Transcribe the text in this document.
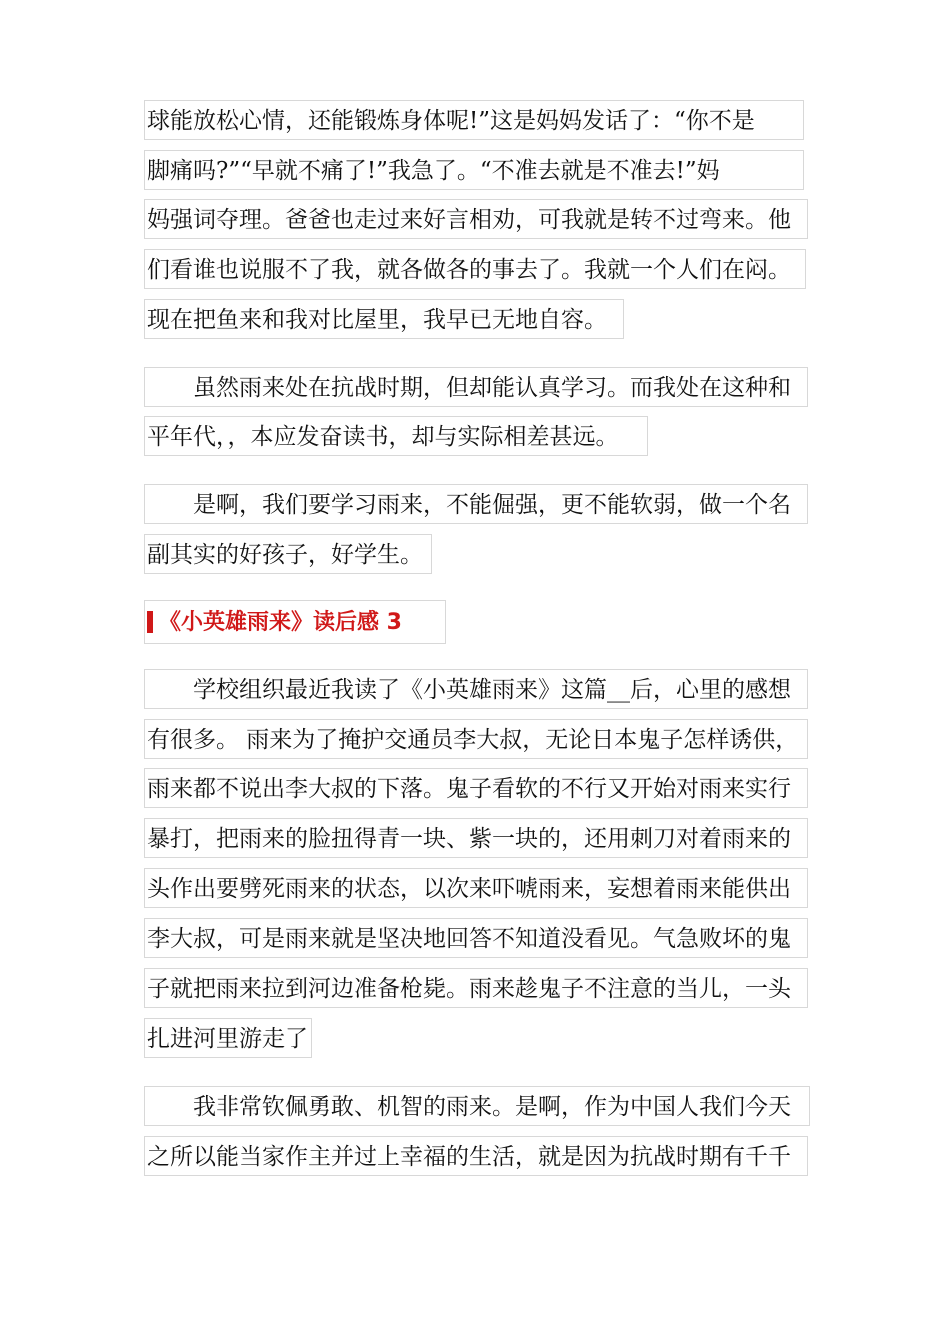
球能放松心情，还能锻炼身体呢!”这是妈妈发话了：“你不是
脚痛吗?”“早就不痛了!”我急了。“不准去就是不准去!”妈
妈强词夺理。爸爸也走过来好言相劝，可我就是转不过弯来。他
们看谁也说服不了我，就各做各的事去了。我就一个人们在闷。
现在把鱼来和我对比屋里，我早已无地自容。
虽然雨来处在抗战时期，但却能认真学习。而我处在这种和
平年代，，本应发奋读书，却与实际相差甚远。
是啊，我们要学习雨来，不能倔强，更不能软弱，做一个名
副其实的好孩子，好学生。
《小英雄雨来》读后感 3
学校组织最近我读了《小英雄雨来》这篇__后，心里的感想
有很多。 雨来为了掩护交通员李大叔，无论日本鬼子怎样诱供，
雨来都不说出李大叔的下落。鬼子看软的不行又开始对雨来实行
暴打，把雨来的脸扭得青一块、紫一块的，还用刺刀对着雨来的
头作出要劈死雨来的状态，以次来吓唬雨来，妄想着雨来能供出
李大叔，可是雨来就是坚决地回答不知道没看见。气急败坏的鬼
子就把雨来拉到河边准备枪毙。雨来趁鬼子不注意的当儿，一头
扎进河里游走了
我非常钦佩勇敢、机智的雨来。是啊，作为中国人我们今天
之所以能当家作主并过上幸福的生活，就是因为抗战时期有千千
